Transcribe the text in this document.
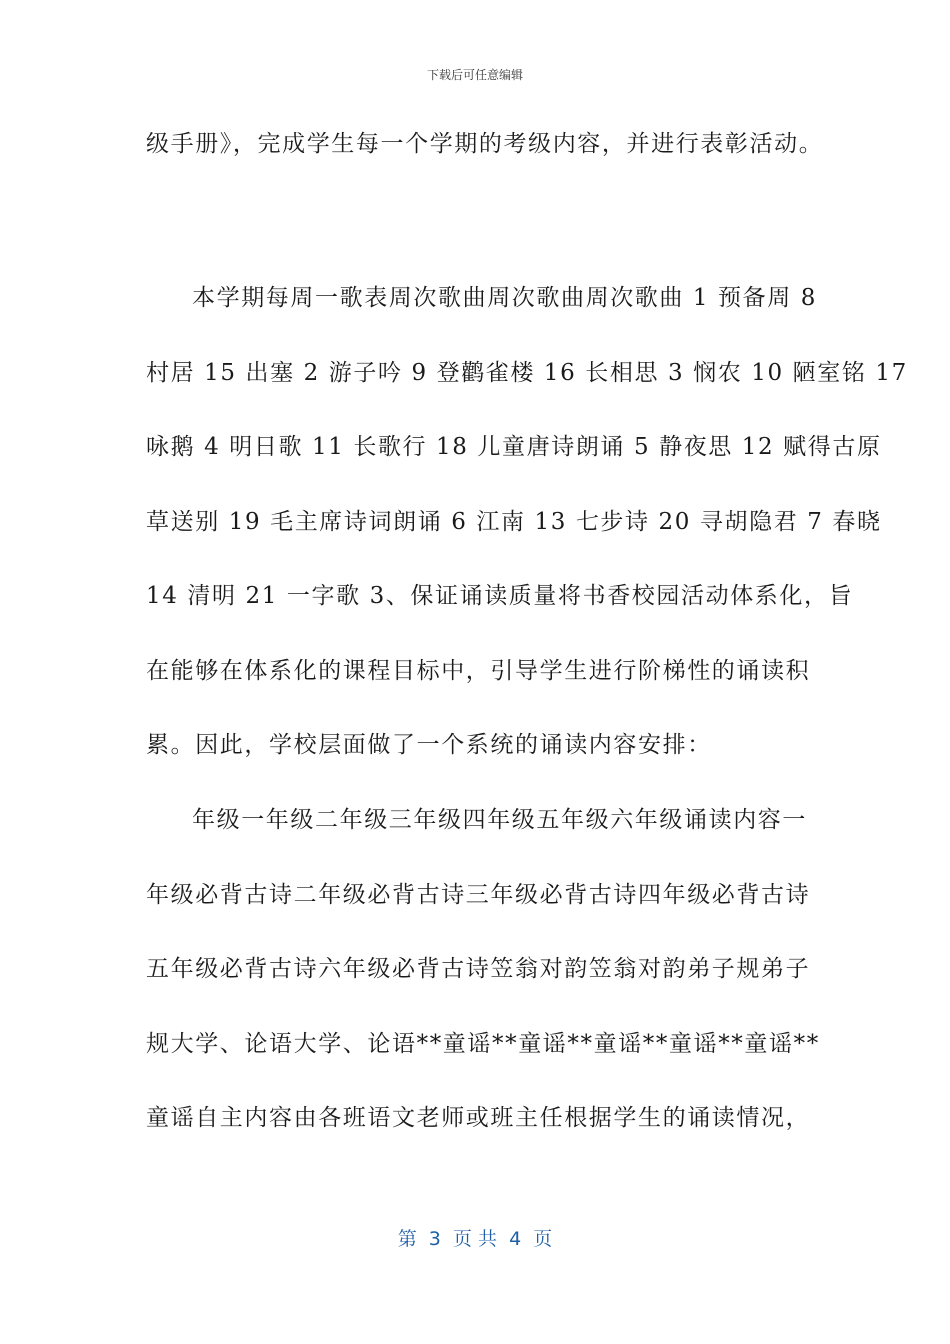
下载后可任意编辑
级手册》，完成学生每一个学期的考级内容，并进行表彰活动。
本学期每周一歌表周次歌曲周次歌曲周次歌曲 1 预备周 8
村居 15 出塞 2 游子吟 9 登鹳雀楼 16 长相思 3 悯农 10 陋室铭 17
咏鹅 4 明日歌 11 长歌行 18 儿童唐诗朗诵 5 静夜思 12 赋得古原
草送别 19 毛主席诗词朗诵 6 江南 13 七步诗 20 寻胡隐君 7 春晓
14 清明 21 一字歌 3、保证诵读质量将书香校园活动体系化，旨
在能够在体系化的课程目标中，引导学生进行阶梯性的诵读积
累。因此，学校层面做了一个系统的诵读内容安排：
年级一年级二年级三年级四年级五年级六年级诵读内容一
年级必背古诗二年级必背古诗三年级必背古诗四年级必背古诗
五年级必背古诗六年级必背古诗笠翁对韵笠翁对韵弟子规弟子
规大学、论语大学、论语**童谣**童谣**童谣**童谣**童谣**
童谣自主内容由各班语文老师或班主任根据学生的诵读情况，
第  3  页 共  4  页
